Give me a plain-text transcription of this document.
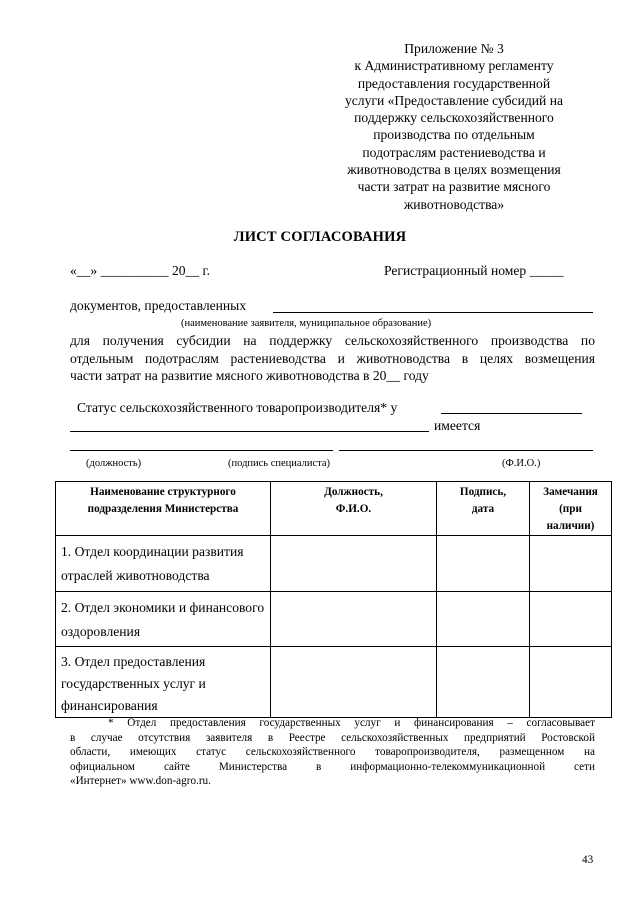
Приложение № 3
к Административному регламенту
предоставления государственной
услуги «Предоставление субсидий на
поддержку сельскохозяйственного
производства по отдельным
подотраслям растениеводства и
животноводства в целях возмещения
части затрат на развитие мясного
животноводства»
ЛИСТ СОГЛАСОВАНИЯ
«__» __________ 20__ г.	Регистрационный номер _____
документов, предоставленных
(наименование заявителя, муниципальное образование)
для получения субсидии на поддержку сельскохозяйственного производства по
отдельным подотраслям растениеводства и животноводства в целях возмещения
части затрат на развитие мясного животноводства в 20__ году
Статус сельскохозяйственного товаропроизводителя* у
имеется
(должность)	(подпись специалиста)	(Ф.И.О.)
Наименование структурного подразделения Министерства	Должность, Ф.И.О.	Подпись, дата	Замечания (при наличии)
1. Отдел координации развития отраслей животноводства			
2. Отдел экономики и финансового оздоровления			
3. Отдел предоставления государственных услуг и финансирования			
* Отдел предоставления государственных услуг и финансирования – согласовывает
в случае отсутствия заявителя в Реестре сельскохозяйственных предприятий Ростовской
области, имеющих статус сельскохозяйственного товаропроизводителя, размещенном на
официальном сайте Министерства в информационно-телекоммуникационной сети
«Интернет» www.don-agro.ru.
43
